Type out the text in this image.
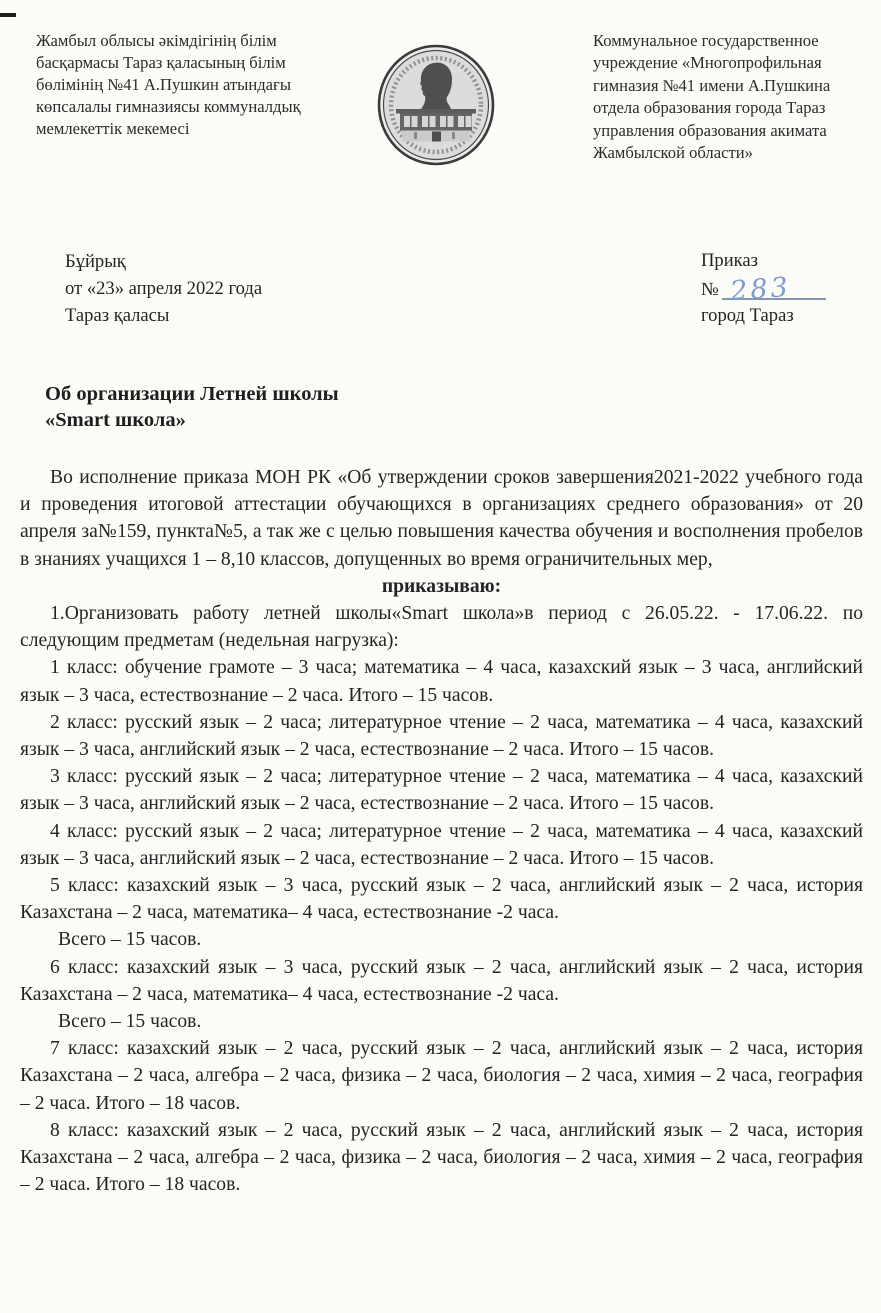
Жамбыл облысы әкімдігінің білім басқармасы Тараз қаласының білім бөлімінің №41 А.Пушкин атындағы көпсалалы гимназиясы коммуналдық мемлекеттік мекемесі
Коммунальное государственное учреждение «Многопрофильная гимназия №41 имени А.Пушкина отдела образования города Тараз управления образования акимата Жамбылской области»
Бұйрық
от «23» апреля 2022 года
Тараз қаласы
Приказ
№ 283
город Тараз
Об организации Летней школы
«Smart школа»

Во исполнение приказа МОН РК «Об утверждении сроков завершения2021-2022 учебного года и проведения итоговой аттестации обучающихся в организациях среднего образования» от 20 апреля за№159, пункта№5, а так же с целью повышения качества обучения и восполнения пробелов в знаниях учащихся 1 – 8,10 классов, допущенных во время ограничительных мер,

приказываю:

1.Организовать работу летней школы«Smart школа»в период с 26.05.22. - 17.06.22. по следующим предметам (недельная нагрузка):

1 класс: обучение грамоте – 3 часа; математика – 4 часа, казахский язык – 3 часа, английский язык – 3 часа, естествознание – 2 часа. Итого – 15 часов.

2 класс: русский язык – 2 часа; литературное чтение – 2 часа, математика – 4 часа, казахский язык – 3 часа, английский язык – 2 часа, естествознание – 2 часа. Итого – 15 часов.

3 класс: русский язык – 2 часа; литературное чтение – 2 часа, математика – 4 часа, казахский язык – 3 часа, английский язык – 2 часа, естествознание – 2 часа. Итого – 15 часов.

4 класс: русский язык – 2 часа; литературное чтение – 2 часа, математика – 4 часа, казахский язык – 3 часа, английский язык – 2 часа, естествознание – 2 часа. Итого – 15 часов.

5 класс: казахский язык – 3 часа, русский язык – 2 часа, английский язык – 2 часа, история Казахстана – 2 часа, математика– 4 часа, естествознание -2 часа.

Всего – 15 часов.

6 класс: казахский язык – 3 часа, русский язык – 2 часа, английский язык – 2 часа, история Казахстана – 2 часа, математика– 4 часа, естествознание -2 часа.

Всего – 15 часов.

7 класс: казахский язык – 2 часа, русский язык – 2 часа, английский язык – 2 часа, история Казахстана – 2 часа, алгебра – 2 часа, физика – 2 часа, биология – 2 часа, химия – 2 часа, география – 2 часа. Итого – 18 часов.

8 класс: казахский язык – 2 часа, русский язык – 2 часа, английский язык – 2 часа, история Казахстана – 2 часа, алгебра – 2 часа, физика – 2 часа, биология – 2 часа, химия – 2 часа, география – 2 часа. Итого – 18 часов.
